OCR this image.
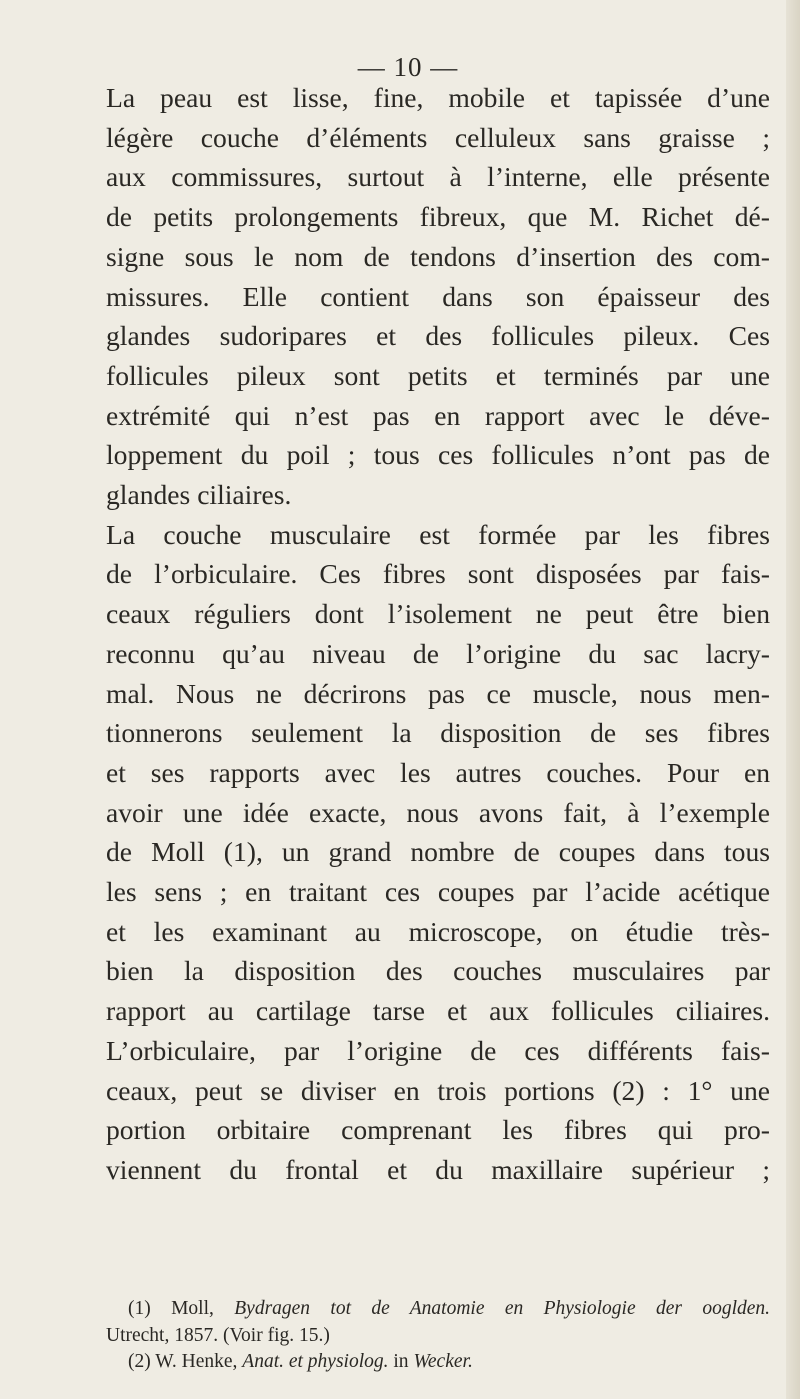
— 10 —
La peau est lisse, fine, mobile et tapissée d’une
légère couche d’éléments celluleux sans graisse ;
aux commissures, surtout à l’interne, elle présente
de petits prolongements fibreux, que M. Richet dé-
signe sous le nom de tendons d’insertion des com-
missures. Elle contient dans son épaisseur des
glandes sudoripares et des follicules pileux. Ces
follicules pileux sont petits et terminés par une
extrémité qui n’est pas en rapport avec le déve-
loppement du poil ; tous ces follicules n’ont pas de
glandes ciliaires.
La couche musculaire est formée par les fibres
de l’orbiculaire. Ces fibres sont disposées par fais-
ceaux réguliers dont l’isolement ne peut être bien
reconnu qu’au niveau de l’origine du sac lacry-
mal. Nous ne décrirons pas ce muscle, nous men-
tionnerons seulement la disposition de ses fibres
et ses rapports avec les autres couches. Pour en
avoir une idée exacte, nous avons fait, à l’exemple
de Moll (1), un grand nombre de coupes dans tous
les sens ; en traitant ces coupes par l’acide acétique
et les examinant au microscope, on étudie très-
bien la disposition des couches musculaires par
rapport au cartilage tarse et aux follicules ciliaires.
L’orbiculaire, par l’origine de ces différents fais-
ceaux, peut se diviser en trois portions (2) : 1° une
portion orbitaire comprenant les fibres qui pro-
viennent du frontal et du maxillaire supérieur ;
(1) Moll, Bydragen tot de Anatomie en Physiologie der ooglden.
Utrecht, 1857. (Voir fig. 15.)
(2) W. Henke, Anat. et physiolog. in Wecker.
